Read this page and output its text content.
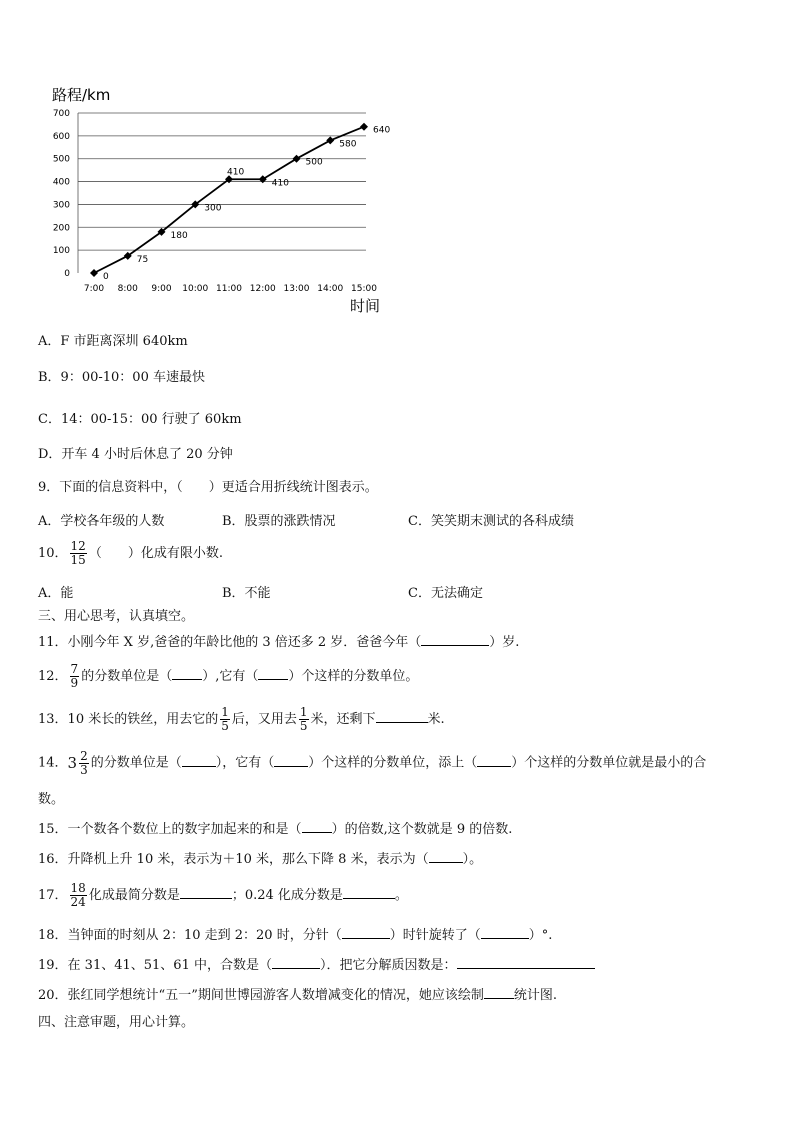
路程/km
时间
0
100
200
300
400
500
600
700
7:00 8:00 9:00 10:00 11:00 12:00 13:00 14:00 15:00
0
75
180
300
410
410
500
580
640
A．F 市距离深圳 640km
B．9：00-10：00 车速最快
C．14：00-15：00 行驶了 60km
D．开车 4 小时后休息了 20 分钟
9．下面的信息资料中，（　　）更适合用折线统计图表示。
A．学校各年级的人数	B．股票的涨跌情况	C．笑笑期末测试的各科成绩
10． $\frac{12}{15}$ （　　）化成有限小数.
A．能	B．不能	C．无法确定
三、用心思考，认真填空。
11．小刚今年 X 岁,爸爸的年龄比他的 3 倍还多 2 岁．爸爸今年（	）岁.
12． $\frac{7}{9}$ 的分数单位是（ ）,它有（ ）个这样的分数单位。
13．10 米长的铁丝，用去它的 $\frac{1}{5}$ 后，又用去 $\frac{1}{5}$ 米，还剩下	米.
14．$3 \frac{2}{3}$ 的分数单位是（	），它有（	）个这样的分数单位，添上（	）个这样的分数单位就是最小的合
数。
15．一个数各个数位上的数字加起来的和是（ ）的倍数,这个数就是 9 的倍数.
16．升降机上升 10 米，表示为＋10 米，那么下降 8 米，表示为（	）。
17． $\frac{18}{24}$ 化成最简分数是	；0.24 化成分数是	。
18．当钟面的时刻从 2：10 走到 2：20 时，分针（	）时针旋转了（	）°.
19．在 31、41、51、61 中，合数是（	）．把它分解质因数是：
20．张红同学想统计“五一”期间世博园游客人数增减变化的情况，她应该绘制 统计图.
四、注意审题，用心计算。
